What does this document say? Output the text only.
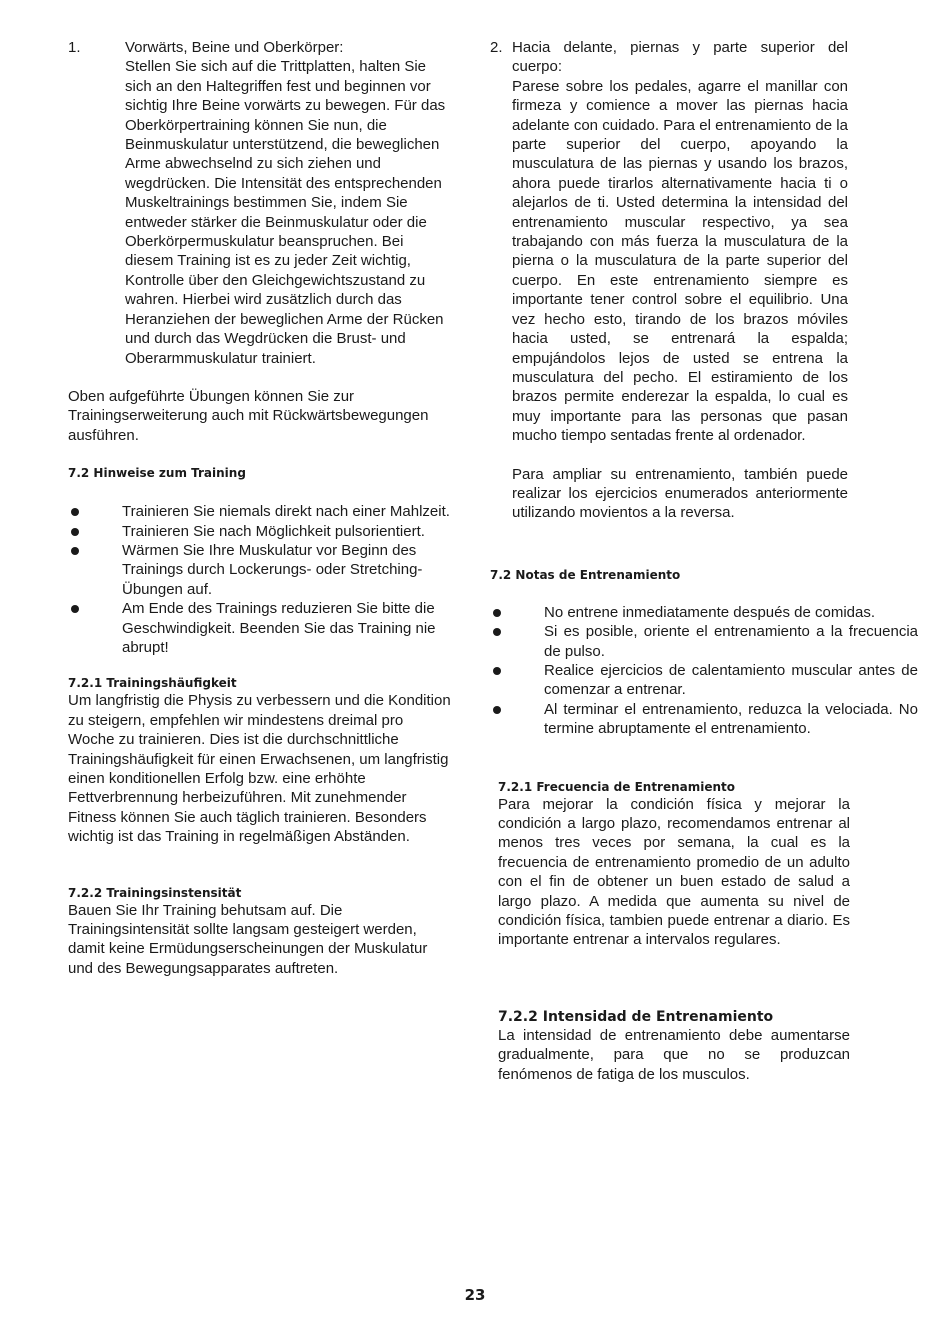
1.	Vorwärts, Beine und Oberkörper:

Stellen Sie sich auf die Trittplatten, halten Sie sich an den Haltegriffen fest und beginnen vor sichtig Ihre Beine vorwärts zu bewegen. Für das Oberkörpertraining können Sie nun, die Beinmuskulatur unterstützend, die beweglichen Arme abwechselnd zu sich ziehen und wegdrücken. Die Intensität des entsprechenden Muskeltrainings bestimmen Sie, indem Sie entweder stärker die Beinmuskulatur oder die Oberkörpermuskulatur beanspruchen. Bei diesem Training ist es zu jeder Zeit wichtig, Kontrolle über den Gleichgewichtszustand zu wahren. Hierbei wird zusätzlich durch das Heranziehen der beweglichen Arme der Rücken und durch das Wegdrücken die Brust- und Oberarmmuskulatur trainiert.

Oben aufgeführte Übungen können Sie zur Trainingserweiterung auch mit Rückwärtsbewegungen ausführen.

7.2 Hinweise zum Training

Trainieren Sie niemals direkt nach einer Mahlzeit.
Trainieren Sie nach Möglichkeit pulsorientiert.
Wärmen Sie Ihre Muskulatur vor Beginn des Trainings durch Lockerungs- oder Stretching-Übungen auf.
Am Ende des Trainings reduzieren Sie bitte die Geschwindigkeit. Beenden Sie das Training nie abrupt!

7.2.1 Trainingshäufigkeit

Um langfristig die Physis zu verbessern und die Kondition zu steigern, empfehlen wir mindestens dreimal pro Woche zu trainieren. Dies ist die durchschnittliche Trainingshäufigkeit für einen Erwachsenen, um langfristig einen konditionellen Erfolg bzw. eine erhöhte Fettverbrennung herbeizuführen. Mit zunehmender Fitness können Sie auch täglich trainieren. Besonders wichtig ist das Training in regelmäßigen Abständen.

7.2.2 Trainingsinstensität

Bauen Sie Ihr Training behutsam auf. Die Trainingsintensität sollte langsam gesteigert werden, damit keine Ermüdungserscheinungen der Muskulatur und des Bewegungsapparates auftreten.

2. Hacia delante, piernas y parte superior del cuerpo:

Parese sobre los pedales, agarre el manillar con firmeza y comience a mover las piernas hacia adelante con cuidado. Para el entrenamiento de la parte superior del cuerpo, apoyando la musculatura de las piernas y usando los brazos, ahora puede tirarlos alternativamente hacia ti o alejarlos de ti. Usted determina la intensidad del entrenamiento muscular respectivo, ya sea trabajando con más fuerza la musculatura de la pierna o la musculatura de la parte superior del cuerpo. En este entrenamiento siempre es importante tener control sobre el equilibrio. Una vez hecho esto, tirando de los brazos móviles hacia usted, se entrenará la espalda; empujándolos lejos de usted se entrena la musculatura del pecho. El estiramiento de los brazos permite enderezar la espalda, lo cual es muy importante para las personas que pasan mucho tiempo sentadas frente al ordenador.

Para ampliar su entrenamiento, también puede realizar los ejercicios enumerados anteriormente utilizando movientos a la reversa.

7.2 Notas de Entrenamiento

No entrene inmediatamente después de comidas.
Si es posible, oriente el entrenamiento a la frecuencia de pulso.
Realice ejercicios de calentamiento muscular antes de comenzar a entrenar.
Al terminar el entrenamiento, reduzca la velociada. No termine abruptamente el entrenamiento.

7.2.1 Frecuencia de Entrenamiento

Para mejorar la condición física y mejorar la condición a largo plazo, recomendamos entrenar al menos tres veces por semana, la cual es la frecuencia de entrenamiento promedio de un adulto con el fin de obtener un buen estado de salud a largo plazo. A medida que aumenta su nivel de condición física, tambien puede entrenar a diario. Es importante entrenar a intervalos regulares.

7.2.2 Intensidad de Entrenamiento

La intensidad de entrenamiento debe aumentarse gradualmente, para que no se produzcan fenómenos de fatiga de los musculos.

23
